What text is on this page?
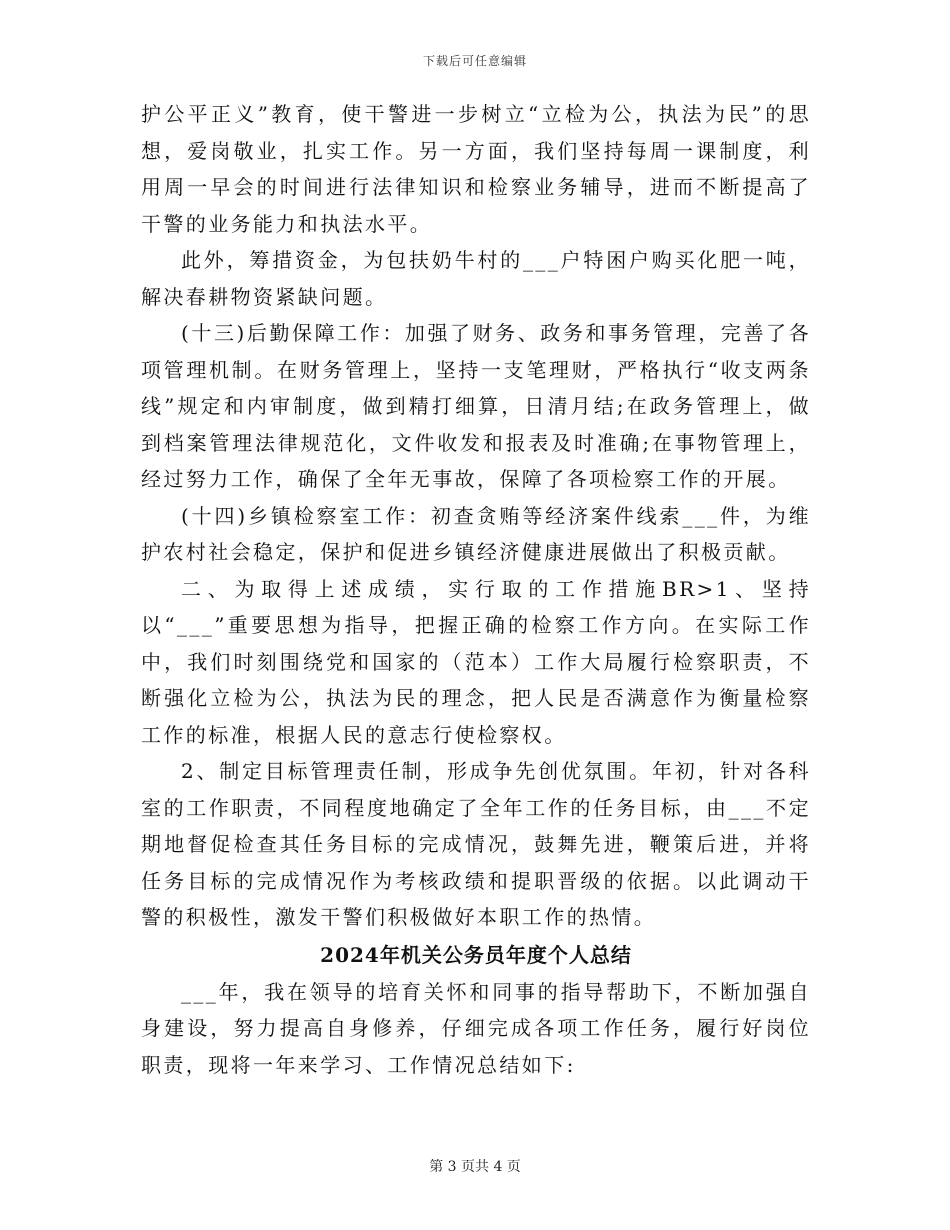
下载后可任意编辑

护公平正义”教育，使干警进一步树立“立检为公，执法为民”的思想，爱岗敬业，扎实工作。另一方面，我们坚持每周一课制度，利用周一早会的时间进行法律知识和检察业务辅导，进而不断提高了干警的业务能力和执法水平。

此外，筹措资金，为包扶奶牛村的___户特困户购买化肥一吨，解决春耕物资紧缺问题。

(十三)后勤保障工作：加强了财务、政务和事务管理，完善了各项管理机制。在财务管理上，坚持一支笔理财，严格执行“收支两条线”规定和内审制度，做到精打细算，日清月结;在政务管理上，做到档案管理法律规范化，文件收发和报表及时准确;在事物管理上，经过努力工作，确保了全年无事故，保障了各项检察工作的开展。

(十四)乡镇检察室工作：初查贪贿等经济案件线索___件，为维护农村社会稳定，保护和促进乡镇经济健康进展做出了积极贡献。

二、为取得上述成绩，实行取的工作措施BR>1、坚持以“___”重要思想为指导，把握正确的检察工作方向。在实际工作中，我们时刻围绕党和国家的（范本）工作大局履行检察职责，不断强化立检为公，执法为民的理念，把人民是否满意作为衡量检察工作的标准，根据人民的意志行使检察权。

2、制定目标管理责任制，形成争先创优氛围。年初，针对各科室的工作职责，不同程度地确定了全年工作的任务目标，由___不定期地督促检查其任务目标的完成情况，鼓舞先进，鞭策后进，并将任务目标的完成情况作为考核政绩和提职晋级的依据。以此调动干警的积极性，激发干警们积极做好本职工作的热情。

2024年机关公务员年度个人总结

___年，我在领导的培育关怀和同事的指导帮助下，不断加强自身建设，努力提高自身修养，仔细完成各项工作任务，履行好岗位职责，现将一年来学习、工作情况总结如下:

第 3 页共 4 页
